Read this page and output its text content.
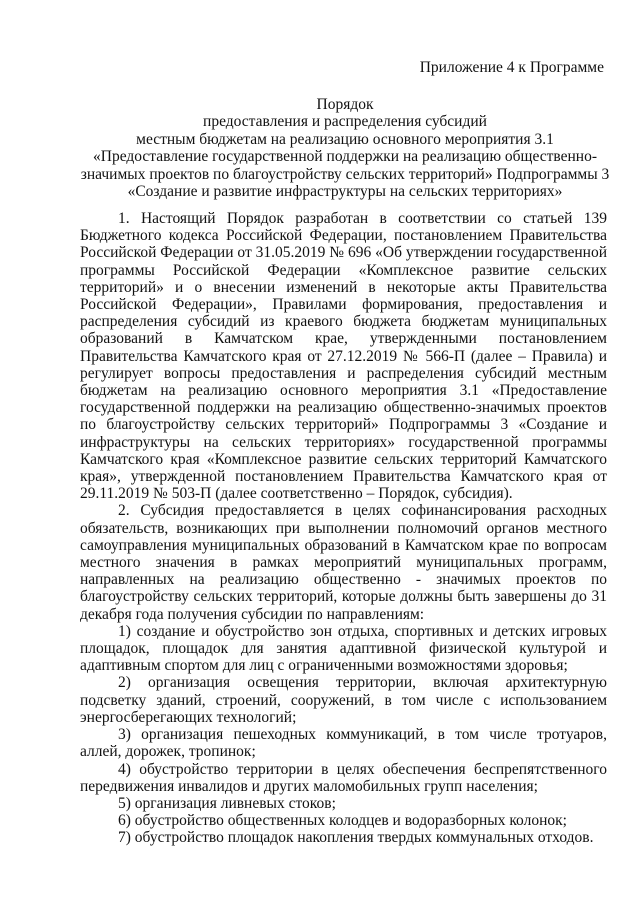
Приложение 4 к Программе
Порядок
предоставления и распределения субсидий
местным бюджетам на реализацию основного мероприятия 3.1
«Предоставление государственной поддержки на реализацию общественно-
значимых проектов по благоустройству сельских территорий» Подпрограммы 3
«Создание и развитие инфраструктуры на сельских территориях»

1. Настоящий Порядок разработан в соответствии со статьей 139 Бюджетного кодекса Российской Федерации, постановлением Правительства Российской Федерации от 31.05.2019 № 696 «Об утверждении государственной программы Российской Федерации «Комплексное развитие сельских территорий» и о внесении изменений в некоторые акты Правительства Российской Федерации», Правилами формирования, предоставления и распределения субсидий из краевого бюджета бюджетам муниципальных образований в Камчатском крае, утвержденными постановлением Правительства Камчатского края от 27.12.2019 № 566-П (далее – Правила) и регулирует вопросы предоставления и распределения субсидий местным бюджетам на реализацию основного мероприятия 3.1 «Предоставление государственной поддержки на реализацию общественно-значимых проектов по благоустройству сельских территорий» Подпрограммы 3 «Создание и инфраструктуры на сельских территориях» государственной программы Камчатского края «Комплексное развитие сельских территорий Камчатского края», утвержденной постановлением Правительства Камчатского края от 29.11.2019 № 503-П (далее соответственно – Порядок, субсидия).

2. Субсидия предоставляется в целях софинансирования расходных обязательств, возникающих при выполнении полномочий органов местного самоуправления муниципальных образований в Камчатском крае по вопросам местного значения в рамках мероприятий муниципальных программ, направленных на реализацию общественно - значимых проектов по благоустройству сельских территорий, которые должны быть завершены до 31 декабря года получения субсидии по направлениям:

1) создание и обустройство зон отдыха, спортивных и детских игровых площадок, площадок для занятия адаптивной физической культурой и адаптивным спортом для лиц с ограниченными возможностями здоровья;

2) организация освещения территории, включая архитектурную подсветку зданий, строений, сооружений, в том числе с использованием энергосберегающих технологий;

3) организация пешеходных коммуникаций, в том числе тротуаров, аллей, дорожек, тропинок;

4) обустройство территории в целях обеспечения беспрепятственного передвижения инвалидов и других маломобильных групп населения;

5) организация ливневых стоков;

6) обустройство общественных колодцев и водоразборных колонок;

7) обустройство площадок накопления твердых коммунальных отходов.
